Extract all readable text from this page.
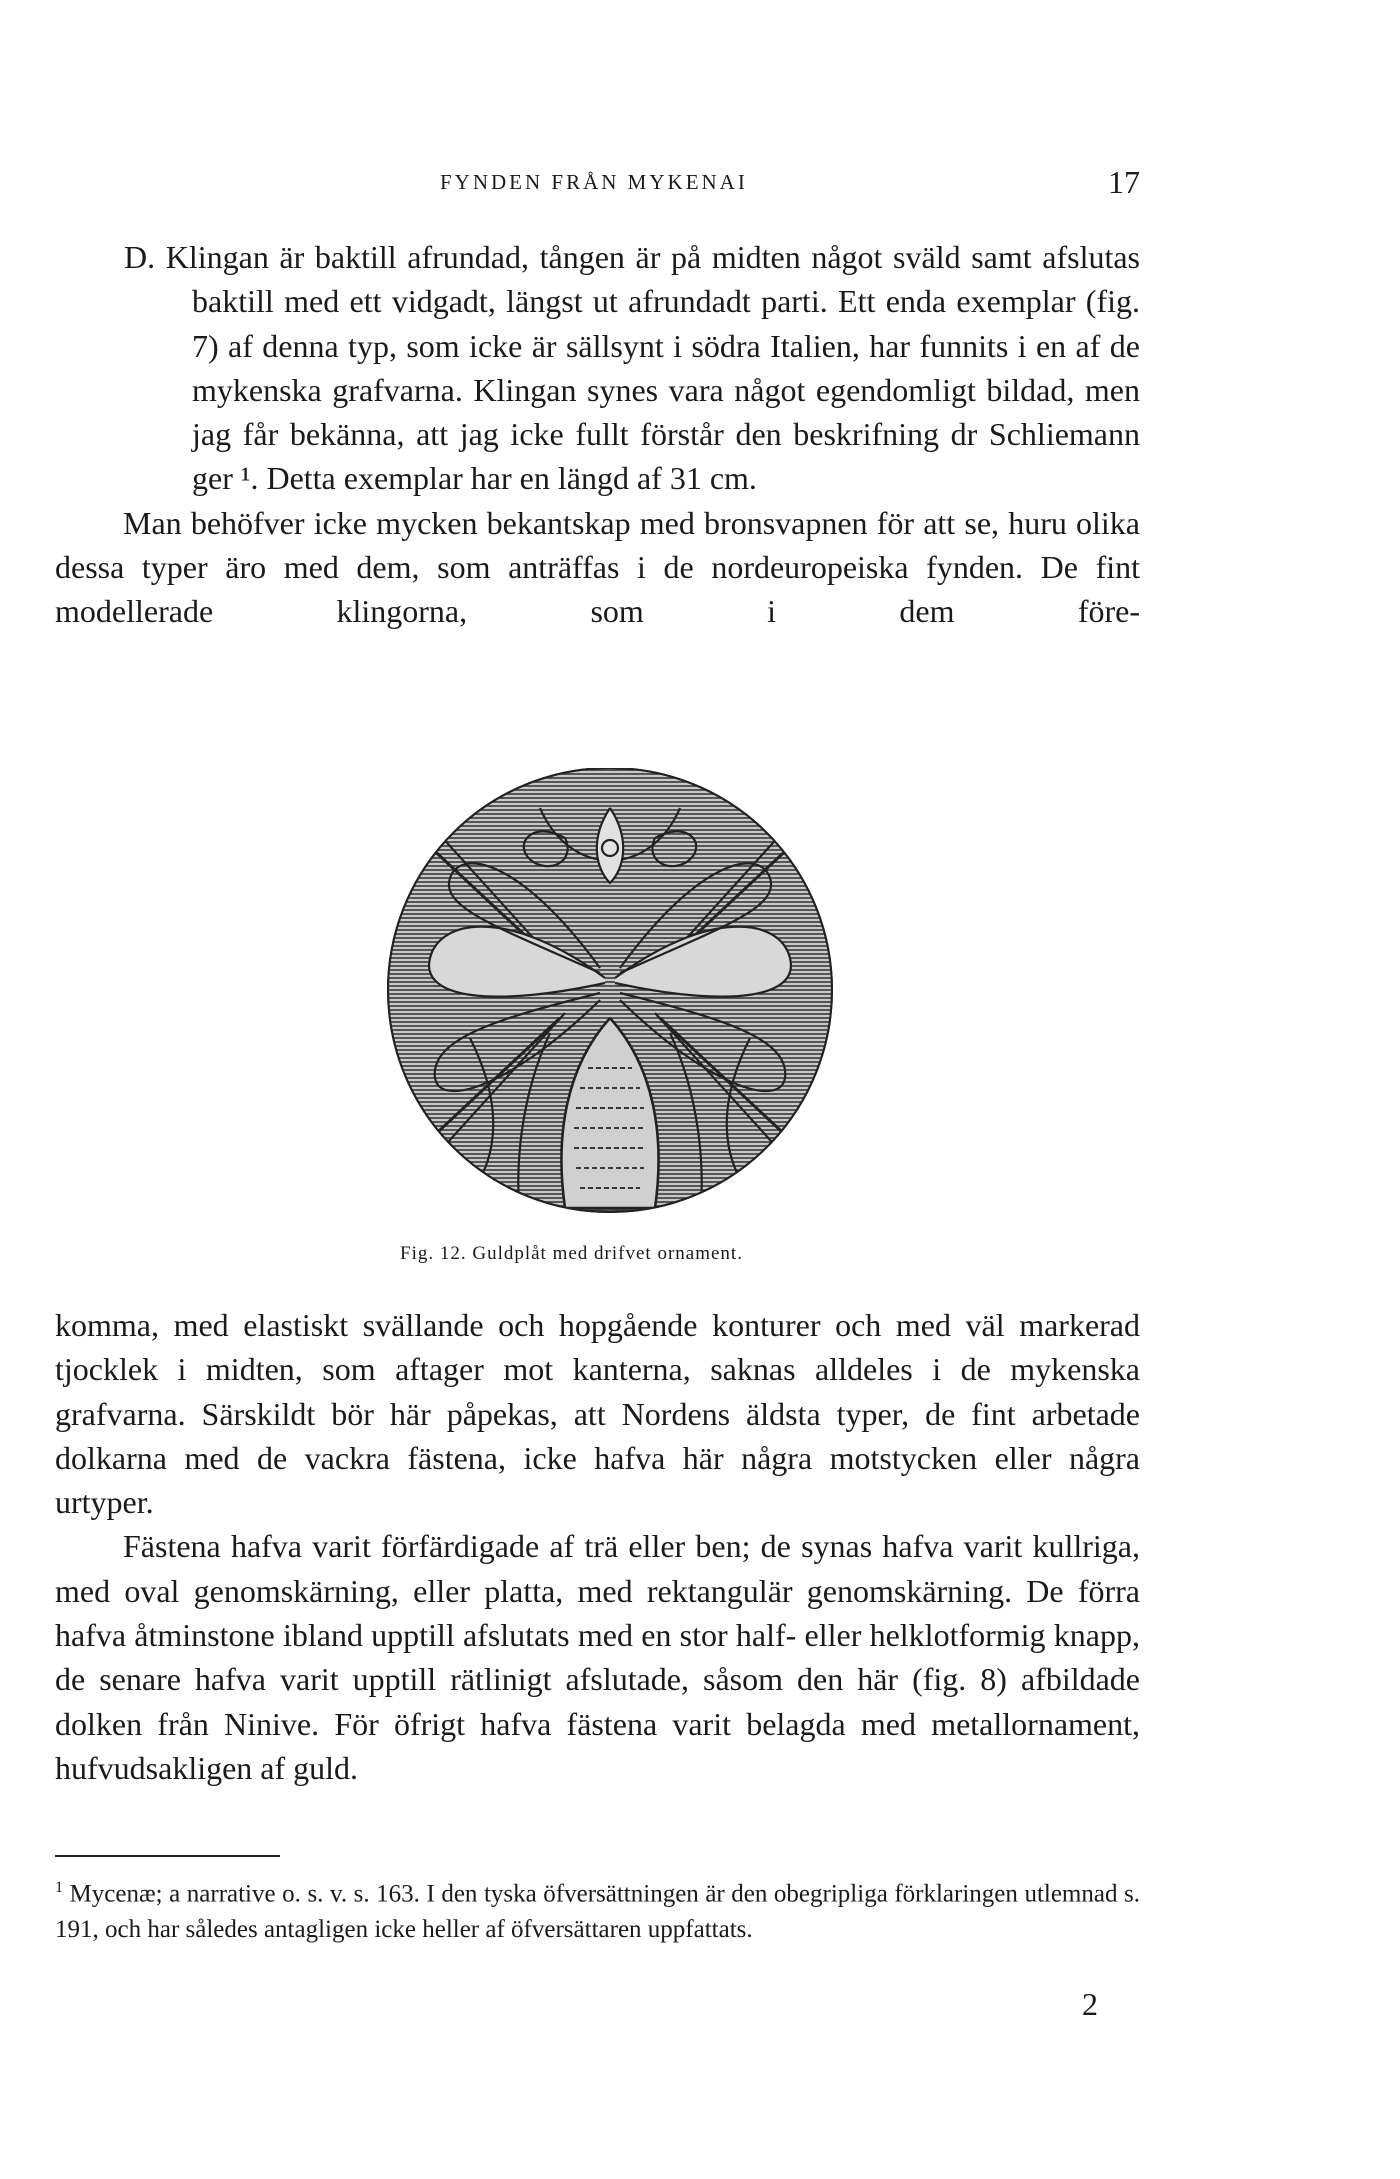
FYNDEN FRÅN MYKENAI	17

D. Klingan är baktill afrundad, tången är på midten något sväld samt afslutas baktill med ett vidgadt, längst ut afrundadt parti. Ett enda exemplar (fig. 7) af denna typ, som icke är sällsynt i södra Italien, har funnits i en af de mykenska grafvarna. Klingan synes vara något egendomligt bildad, men jag får bekänna, att jag icke fullt förstår den beskrifning dr Schliemann ger ¹. Detta exemplar har en längd af 31 cm.

Man behöfver icke mycken bekantskap med bronsvapnen för att se, huru olika dessa typer äro med dem, som anträffas i de nordeuropeiska fynden. De fint modellerade klingorna, som i dem före-

Fig. 12. Guldplåt med drifvet ornament.

komma, med elastiskt svällande och hopgående konturer och med väl markerad tjocklek i midten, som aftager mot kanterna, saknas alldeles i de mykenska grafvarna. Särskildt bör här påpekas, att Nordens äldsta typer, de fint arbetade dolkarna med de vackra fästena, icke hafva här några motstycken eller några urtyper.

Fästena hafva varit förfärdigade af trä eller ben; de synas hafva varit kullriga, med oval genomskärning, eller platta, med rektangulär genomskärning. De förra hafva åtminstone ibland upptill afslutats med en stor half- eller helklotformig knapp, de senare hafva varit upptill rätlinigt afslutade, såsom den här (fig. 8) afbildade dolken från Ninive. För öfrigt hafva fästena varit belagda med metallornament, hufvudsakligen af guld.

$^1$ Mycenæ; a narrative o. s. v. s. 163. I den tyska öfversättningen är den obegripliga förklaringen utlemnad s. 191, och har således antagligen icke heller af öfversättaren uppfattats.

2
